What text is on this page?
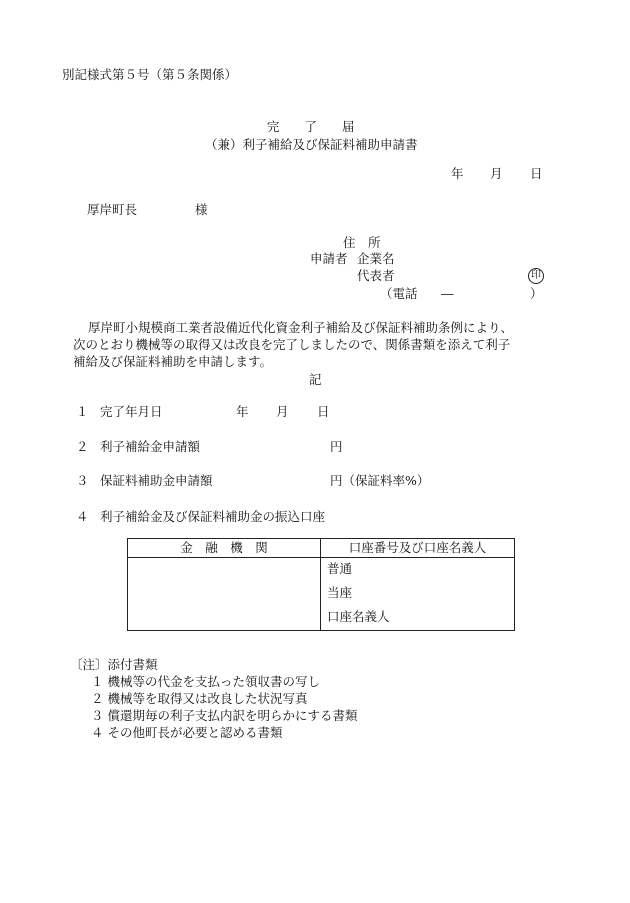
別記様式第５号（第５条関係）
完　　了　　届
（兼）利子補給及び保証料補助申請書
年 月 日
厚岸町長	様
住　所
申請者 企業名
代表者	印
（電話 ―	）
厚岸町小規模商工業者設備近代化資金利子補給及び保証料補助条例により、
次のとおり機械等の取得又は改良を完了しましたので、関係書類を添えて利子
補給及び保証料補助を申請します。
記
１ 完了年月日	年 月 日
２ 利子補給金申請額	円
３ 保証料補助金申請額	円（保証料率%）
４ 利子補給金及び保証料補助金の振込口座
金　融　機　関	口座番号及び口座名義人
	普通
	当座
	口座名義人
〔注〕添付書類
１ 機械等の代金を支払った領収書の写し
２ 機械等を取得又は改良した状況写真
３ 償還期毎の利子支払内訳を明らかにする書類
４ その他町長が必要と認める書類
